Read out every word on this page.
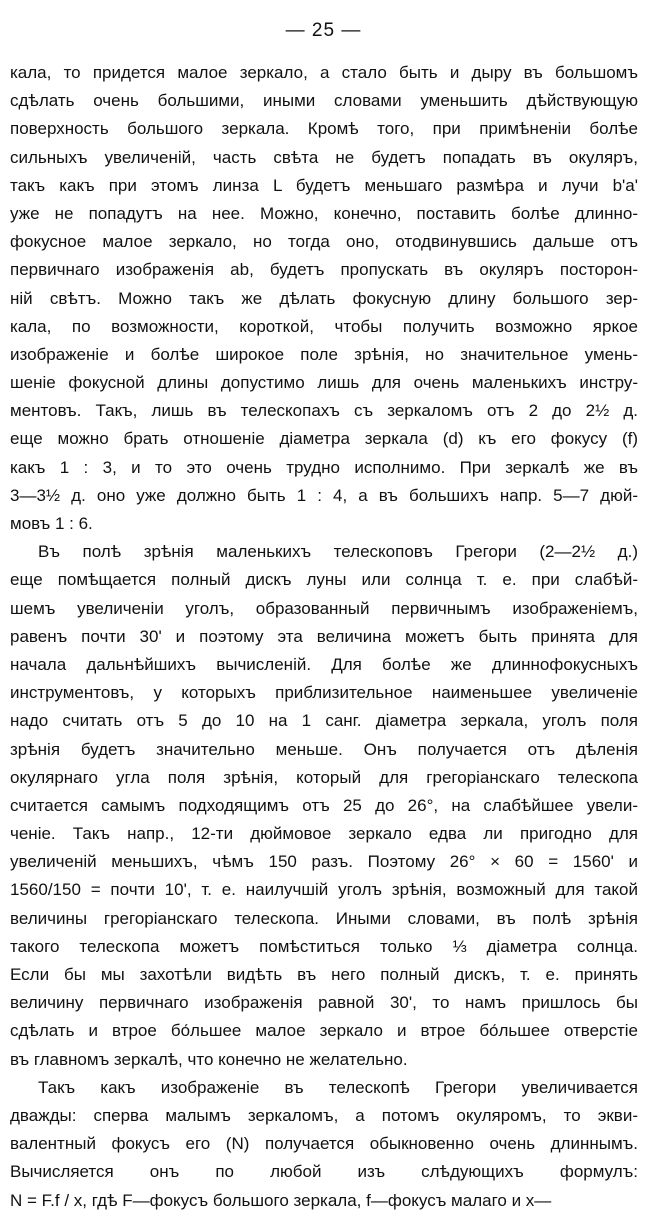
— 25 —
кала, то придется малое зеркало, а стало быть и дыру въ большомъ
сдѣлать очень большими, иными словами уменьшить дѣйствующую
поверхность большого зеркала. Кромѣ того, при примѣненіи болѣе
сильныхъ увеличеній, часть свѣта не будетъ попадать въ окуляръ,
такъ какъ при этомъ линза L будетъ меньшаго размѣра и лучи b'a'
уже не попадутъ на нее. Можно, конечно, поставить болѣе длинно-
фокусное малое зеркало, но тогда оно, отодвинувшись дальше отъ
первичнаго изображенія ab, будетъ пропускать въ окуляръ посторон-
ній свѣтъ. Можно такъ же дѣлать фокусную длину большого зер-
кала, по возможности, короткой, чтобы получить возможно яркое
изображеніе и болѣе широкое поле зрѣнія, но значительное умень-
шеніе фокусной длины допустимо лишь для очень маленькихъ инстру-
ментовъ. Такъ, лишь въ телескопахъ съ зеркаломъ отъ 2 до 2½ д.
еще можно брать отношеніе діаметра зеркала (d) къ его фокусу (f)
какъ 1 : 3, и то это очень трудно исполнимо. При зеркалѣ же въ
3—3½ д. оно уже должно быть 1 : 4, а въ большихъ напр. 5—7 дюй-
мовъ 1 : 6.
Въ полѣ зрѣнія маленькихъ телескоповъ Грегори (2—2½ д.)
еще помѣщается полный дискъ луны или солнца т. е. при слабѣй-
шемъ увеличеніи уголъ, образованный первичнымъ изображеніемъ,
равенъ почти 30' и поэтому эта величина можетъ быть принята для
начала дальнѣйшихъ вычисленій. Для болѣе же длиннофокусныхъ
инструментовъ, у которыхъ приблизительное наименьшее увеличеніе
надо считать отъ 5 до 10 на 1 санг. діаметра зеркала, уголъ поля
зрѣнія будетъ значительно меньше. Онъ получается отъ дѣленія
окулярнаго угла поля зрѣнія, который для грегоріанскаго телескопа
считается самымъ подходящимъ отъ 25 до 26°, на слабѣйшее увели-
ченіе. Такъ напр., 12-ти дюймовое зеркало едва ли пригодно для
увеличеній меньшихъ, чѣмъ 150 разъ. Поэтому 26° × 60 = 1560' и
1560/150 = почти 10', т. е. наилучшій уголъ зрѣнія, возможный для такой
величины грегоріанскаго телескопа. Иными словами, въ полѣ зрѣнія
такого телескопа можетъ помѣститься только ⅓ діаметра солнца.
Если бы мы захотѣли видѣть въ него полный дискъ, т. е. принять
величину первичнаго изображенія равной 30', то намъ пришлось бы
сдѣлать и втрое бо́льшее малое зеркало и втрое бо́льшее отверстіе
въ главномъ зеркалѣ, что конечно не желательно.
Такъ какъ изображеніе въ телескопѣ Грегори увеличивается
дважды: сперва малымъ зеркаломъ, а потомъ окуляромъ, то экви-
валентный фокусъ его (N) получается обыкновенно очень длиннымъ.
Вычисляется онъ по любой изъ слѣдующихъ формулъ:
N = F.f / x, гдѣ F—фокусъ большого зеркала, f—фокусъ малаго и x—
